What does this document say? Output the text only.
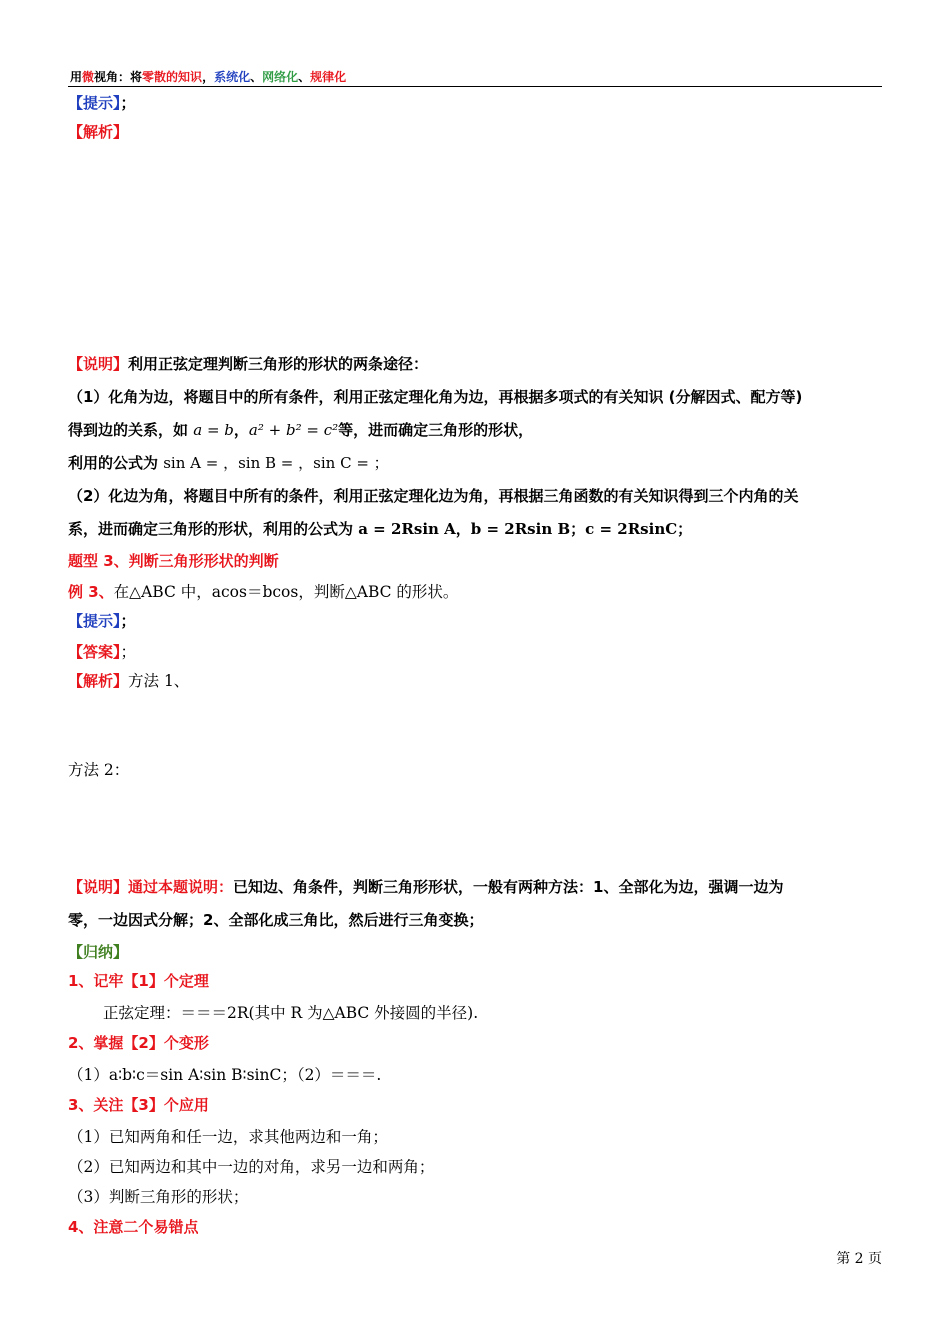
用微视角：将零散的知识，系统化、网络化、规律化
【提示】；
【解析】
【说明】利用正弦定理判断三角形的形状的两条途径：
（1）化角为边，将题目中的所有条件，利用正弦定理化角为边，再根据多项式的有关知识 (分解因式、配方等)
得到边的关系，如 a = b，a² + b² = c²等，进而确定三角形的形状，
利用的公式为 sin A = ，sin B = ，sin C = ；
（2）化边为角，将题目中所有的条件，利用正弦定理化边为角，再根据三角函数的有关知识得到三个内角的关
系，进而确定三角形的形状，利用的公式为 a = 2Rsin A，b = 2Rsin B；c = 2RsinC；
题型 3、判断三角形形状的判断
例 3、在△ABC 中，acos＝bcos，判断△ABC 的形状。
【提示】；
【答案】；
【解析】方法 1、
方法 2：
【说明】通过本题说明：已知边、角条件，判断三角形形状，一般有两种方法：1、全部化为边，强调一边为
零，一边因式分解；2、全部化成三角比，然后进行三角变换；
【归纳】
1、记牢【1】个定理
正弦定理：＝＝＝2R(其中 R 为△ABC 外接圆的半径).
2、掌握【2】个变形
（1）a∶b∶c＝sin A∶sin B∶sinC；（2）＝＝＝.
3、关注【3】个应用
（1）已知两角和任一边，求其他两边和一角；
（2）已知两边和其中一边的对角，求另一边和两角；
（3）判断三角形的形状；
4、注意二个易错点
第 2 页
